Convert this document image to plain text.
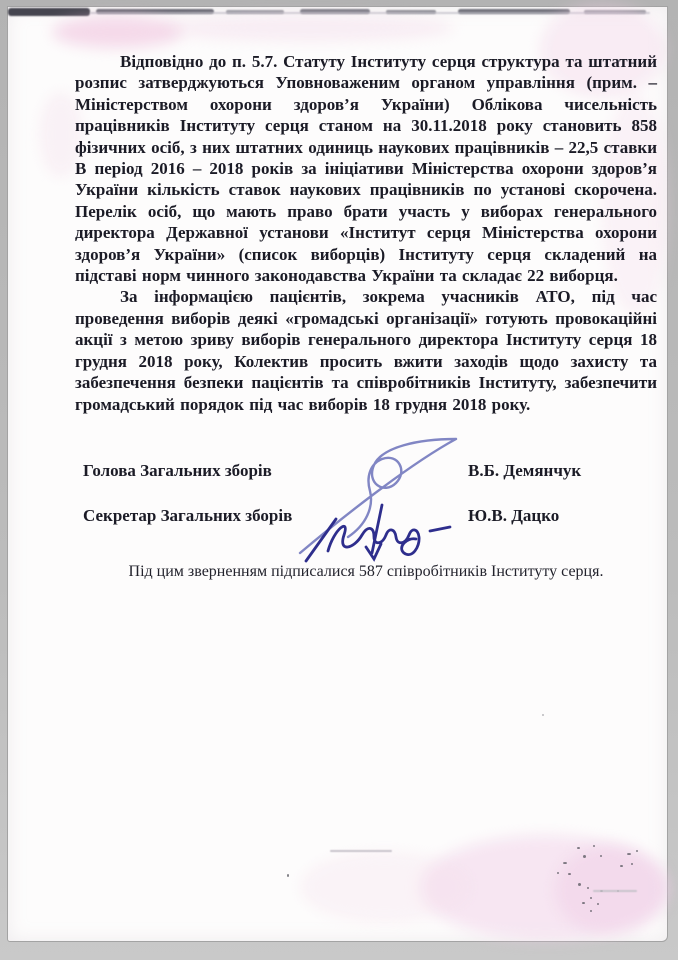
Відповідно до п. 5.7. Статуту Інституту серця структура та штатний розпис затверджуються Уповноваженим органом управління (прим. – Міністерством охорони здоров’я України) Облікова чисельність працівників Інституту серця станом на 30.11.2018 року становить 858 фізичних осіб, з них штатних одиниць наукових працівників – 22,5 ставки В період 2016 – 2018 років за ініціативи Міністерства охорони здоров’я України кількість ставок наукових працівників по установі скорочена. Перелік осіб, що мають право брати участь у виборах генерального директора Державної установи «Інститут серця Міністерства охорони здоров’я України» (список виборців) Інституту серця складений на підставі норм чинного законодавства України та складає 22 виборця.

За інформацією пацієнтів, зокрема учасників АТО, під час проведення виборів деякі «громадські організації» готують провокаційні акції з метою зриву виборів генерального директора Інституту серця 18 грудня 2018 року, Колектив просить вжити заходів щодо захисту та забезпечення безпеки пацієнтів та співробітників Інституту, забезпечити громадський порядок під час виборів 18 грудня 2018 року.

Голова Загальних зборів	В.Б. Демянчук
Секретар Загальних зборів	Ю.В. Дацко
Під цим зверненням підписалися 587 співробітників Інституту серця.
